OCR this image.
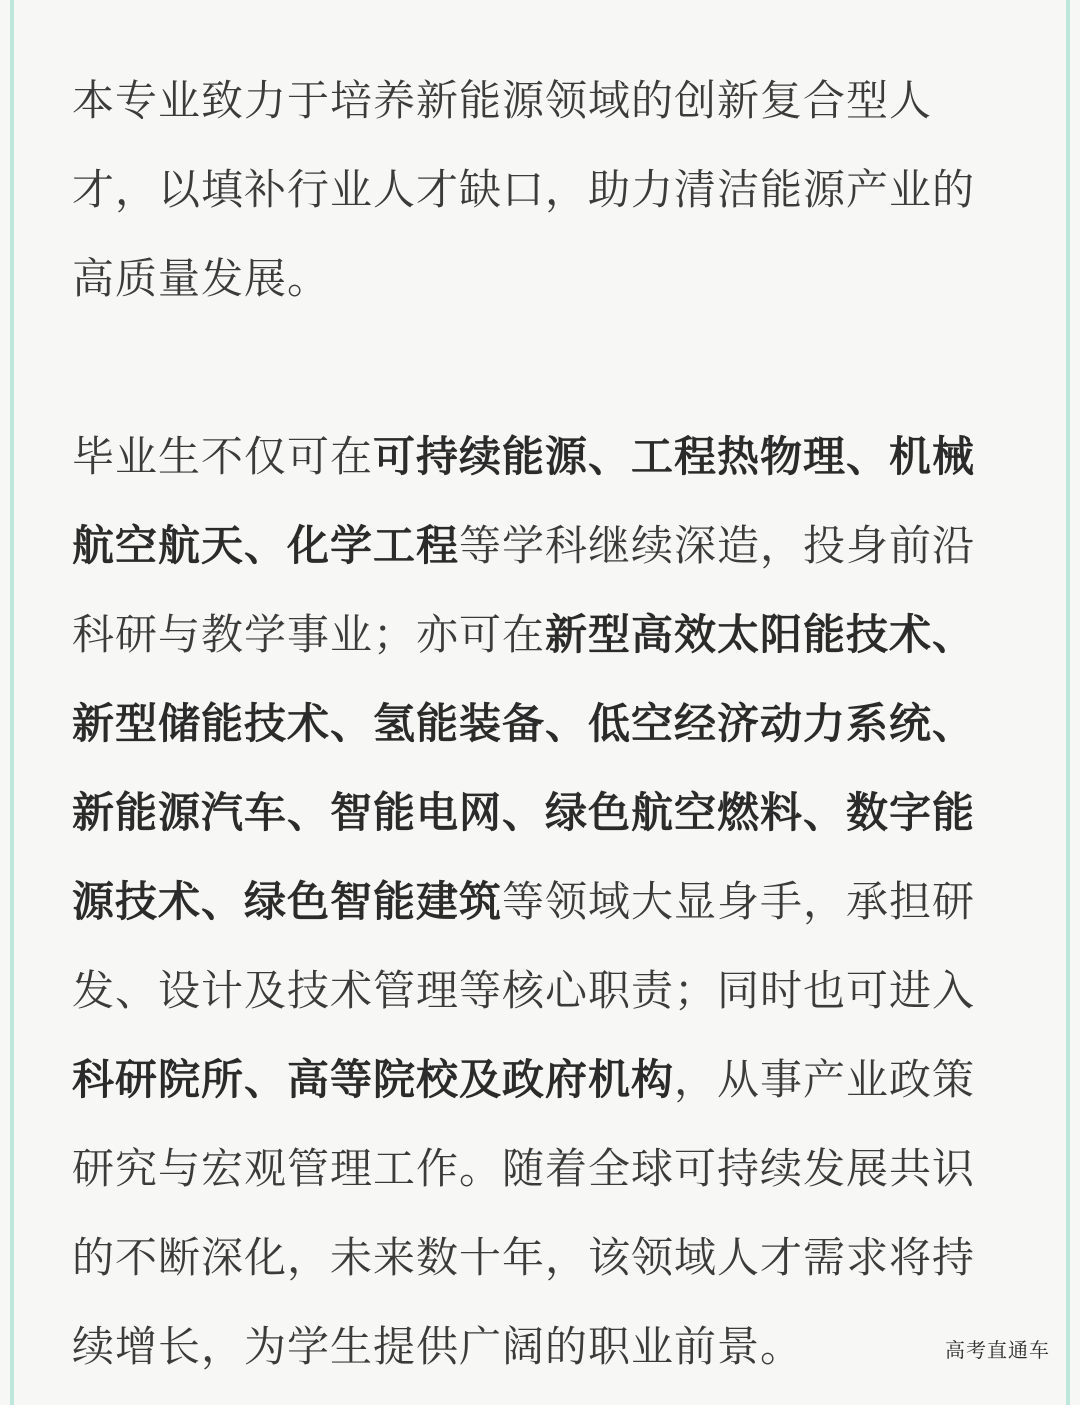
本专业致力于培养新能源领域的创新复合型人才，以填补行业人才缺口，助力清洁能源产业的高质量发展。

毕业生不仅可在可持续能源、工程热物理、机械航空航天、化学工程等学科继续深造，投身前沿科研与教学事业；亦可在新型高效太阳能技术、新型储能技术、氢能装备、低空经济动力系统、新能源汽车、智能电网、绿色航空燃料、数字能源技术、绿色智能建筑等领域大显身手，承担研发、设计及技术管理等核心职责；同时也可进入科研院所、高等院校及政府机构，从事产业政策研究与宏观管理工作。随着全球可持续发展共识的不断深化，未来数十年，该领域人才需求将持续增长，为学生提供广阔的职业前景。	高考直通车
